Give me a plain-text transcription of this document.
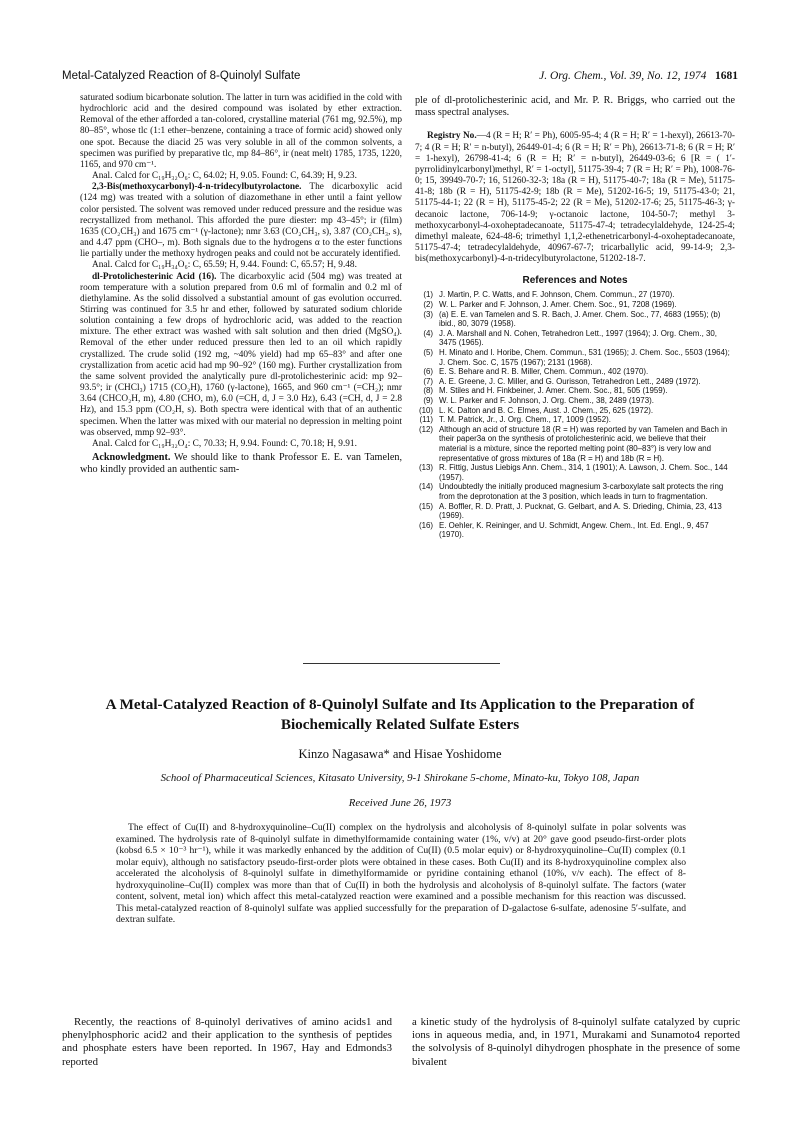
Metal-Catalyzed Reaction of 8-Quinolyl Sulfate	J. Org. Chem., Vol. 39, No. 12, 1974 1681

saturated sodium bicarbonate solution. The latter in turn was acidified in the cold with hydrochloric acid and the desired compound was isolated by ether extraction. Removal of the ether afforded a tan-colored, crystalline material (761 mg, 92.5%), mp 80–85°, whose tlc (1:1 ether–benzene, containing a trace of formic acid) showed only one spot. Because the diacid 25 was very soluble in all of the common solvents, a specimen was purified by preparative tlc, mp 84–86°, ir (neat melt) 1785, 1735, 1220, 1165, and 970 cm⁻¹.

Anal. Calcd for C₁₉H₃₂O₆: C, 64.02; H, 9.05. Found: C, 64.39; H, 9.23.

2,3-Bis(methoxycarbonyl)-4-n-tridecylbutyrolactone. The dicarboxylic acid (124 mg) was treated with a solution of diazomethane in ether until a faint yellow color persisted. The solvent was removed under reduced pressure and the residue was recrystallized from methanol. This afforded the pure diester: mp 43–45°; ir (film) 1635 (CO₂CH₃) and 1675 cm⁻¹ (γ-lactone); nmr 3.63 (CO₂CH₃, s), 3.87 (CO₂CH₃, s), and 4.47 ppm (CHO–, m). Both signals due to the hydrogens α to the ester functions lie partially under the methoxy hydrogen peaks and could not be accurately identified.

Anal. Calcd for C₁₉H₃₄O₆: C, 65.59; H, 9.44. Found: C, 65.57; H, 9.48.

dl-Protolichesterinic Acid (16). The dicarboxylic acid (504 mg) was treated at room temperature with a solution prepared from 0.6 ml of formalin and 0.2 ml of diethylamine. As the solid dissolved a substantial amount of gas evolution occurred. Stirring was continued for 3.5 hr and ether, followed by saturated sodium chloride solution containing a few drops of hydrochloric acid, was added to the reaction mixture. The ether extract was washed with salt solution and then dried (MgSO₄). Removal of the ether under reduced pressure then led to an oil which rapidly crystallized. The crude solid (192 mg, ~40% yield) had mp 65–83° and after one crystallization from acetic acid had mp 90–92° (160 mg). Further crystallization from the same solvent provided the analytically pure dl-protolichesterinic acid: mp 92–93.5°; ir (CHCl₃) 1715 (CO₂H), 1760 (γ-lactone), 1665, and 960 cm⁻¹ (=CH₂); nmr 3.64 (CHCO₂H, m), 4.80 (CHO, m), 6.0 (=CH, d, J = 3.0 Hz), 6.43 (=CH, d, J = 2.8 Hz), and 15.3 ppm (CO₂H, s). Both spectra were identical with that of an authentic specimen. When the latter was mixed with our material no depression in melting point was observed, mmp 92–93°.

Anal. Calcd for C₁₉H₃₂O₄: C, 70.33; H, 9.94. Found: C, 70.18; H, 9.91.

Acknowledgment. We should like to thank Professor E. E. van Tamelen, who kindly provided an authentic sam-

ple of dl-protolichesterinic acid, and Mr. P. R. Briggs, who carried out the mass spectral analyses.

Registry No.—4 (R = H; R′ = Ph), 6005-95-4; 4 (R = H; R′ = 1-hexyl), 26613-70-7; 4 (R = H; R′ = n-butyl), 26449-01-4; 6 (R = H; R′ = Ph), 26613-71-8; 6 (R = H; R′ = 1-hexyl), 26798-41-4; 6 (R = H; R′ = n-butyl), 26449-03-6; 6 [R = ( 1′-pyrrolidinylcarbonyl)methyl, R′ = 1-octyl], 51175-39-4; 7 (R = H; R′ = Ph), 1008-76-0; 15, 39949-70-7; 16, 51260-32-3; 18a (R = H), 51175-40-7; 18a (R = Me), 51175-41-8; 18b (R = H), 51175-42-9; 18b (R = Me), 51202-16-5; 19, 51175-43-0; 21, 51175-44-1; 22 (R = H), 51175-45-2; 22 (R = Me), 51202-17-6; 25, 51175-46-3; γ-decanoic lactone, 706-14-9; γ-octanoic lactone, 104-50-7; methyl 3-methoxycarbonyl-4-oxoheptadecanoate, 51175-47-4; tetradecylaldehyde, 124-25-4; dimethyl maleate, 624-48-6; trimethyl 1,1,2-ethenetricarbonyl-4-oxoheptadecanoate, 51175-47-4; tetradecylaldehyde, 40967-67-7; tricarballylic acid, 99-14-9; 2,3-bis(methoxycarbonyl)-4-n-tridecylbutyrolactone, 51202-18-7.

References and Notes
(1) J. Martin, P. C. Watts, and F. Johnson, Chem. Commun., 27 (1970).
(2) W. L. Parker and F. Johnson, J. Amer. Chem. Soc., 91, 7208 (1969).
(3) (a) E. E. van Tamelen and S. R. Bach, J. Amer. Chem. Soc., 77, 4683 (1955); (b) ibid., 80, 3079 (1958).
(4) J. A. Marshall and N. Cohen, Tetrahedron Lett., 1997 (1964); J. Org. Chem., 30, 3475 (1965).
(5) H. Minato and I. Horibe, Chem. Commun., 531 (1965); J. Chem. Soc., 5503 (1964); J. Chem. Soc. C, 1575 (1967); 2131 (1968).
(6) E. S. Behare and R. B. Miller, Chem. Commun., 402 (1970).
(7) A. E. Greene, J. C. Miller, and G. Ourisson, Tetrahedron Lett., 2489 (1972).
(8) M. Stiles and H. Finkbeiner, J. Amer. Chem. Soc., 81, 505 (1959).
(9) W. L. Parker and F. Johnson, J. Org. Chem., 38, 2489 (1973).
(10) L. K. Dalton and B. C. Elmes, Aust. J. Chem., 25, 625 (1972).
(11) T. M. Patrick, Jr., J. Org. Chem., 17, 1009 (1952).
(12) Although an acid of structure 18 (R = H) was reported by van Tamelen and Bach in their paper3a on the synthesis of protolichesterinic acid, we believe that their material is a mixture, since the reported melting point (80–83°) is very low and representative of gross mixtures of 18a (R = H) and 18b (R = H).
(13) R. Fittig, Justus Liebigs Ann. Chem., 314, 1 (1901); A. Lawson, J. Chem. Soc., 144 (1957).
(14) Undoubtedly the initially produced magnesium 3-carboxylate salt protects the ring from the deprotonation at the 3 position, which leads in turn to fragmentation.
(15) A. Boffler, R. D. Pratt, J. Pucknat, G. Gelbart, and A. S. Drieding, Chimia, 23, 413 (1969).
(16) E. Oehler, K. Reininger, and U. Schmidt, Angew. Chem., Int. Ed. Engl., 9, 457 (1970).
A Metal-Catalyzed Reaction of 8-Quinolyl Sulfate and Its Application to the Preparation of Biochemically Related Sulfate Esters
Kinzo Nagasawa* and Hisae Yoshidome
School of Pharmaceutical Sciences, Kitasato University, 9-1 Shirokane 5-chome, Minato-ku, Tokyo 108, Japan
Received June 26, 1973

The effect of Cu(II) and 8-hydroxyquinoline–Cu(II) complex on the hydrolysis and alcoholysis of 8-quinolyl sulfate in polar solvents was examined. The hydrolysis rate of 8-quinolyl sulfate in dimethylformamide containing water (1%, v/v) at 20° gave good pseudo-first-order plots (kobsd 6.5 × 10⁻³ hr⁻¹), while it was markedly enhanced by the addition of Cu(II) (0.5 molar equiv) or 8-hydroxyquinoline–Cu(II) complex (0.1 molar equiv), although no satisfactory pseudo-first-order plots were obtained in these cases. Both Cu(II) and its 8-hydroxyquinoline complex also accelerated the alcoholysis of 8-quinolyl sulfate in dimethylformamide or pyridine containing ethanol (10%, v/v each). The effect of 8-hydroxyquinoline–Cu(II) complex was more than that of Cu(II) in both the hydrolysis and alcoholysis of 8-quinolyl sulfate. The factors (water content, solvent, metal ion) which affect this metal-catalyzed reaction were examined and a possible mechanism for this reaction was discussed. This metal-catalyzed reaction of 8-quinolyl sulfate was applied successfully for the preparation of D-galactose 6-sulfate, adenosine 5′-sulfate, and dextran sulfate.

Recently, the reactions of 8-quinolyl derivatives of amino acids1 and phenylphosphoric acid2 and their application to the synthesis of peptides and phosphate esters have been reported. In 1967, Hay and Edmonds3 reported

a kinetic study of the hydrolysis of 8-quinolyl sulfate catalyzed by cupric ions in aqueous media, and, in 1971, Murakami and Sunamoto4 reported the solvolysis of 8-quinolyl dihydrogen phosphate in the presence of some bivalent
